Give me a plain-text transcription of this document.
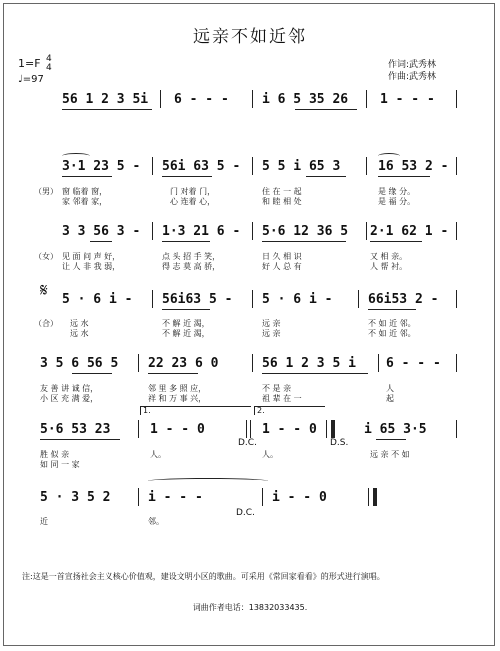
远亲不如近邻
1=F 4
4
♩=97
作词:武秀林
作曲:武秀林
56 1 2 3 5i 6 - - -	i 6 5 35 26 1 - - -
3·1 23 5 - 56i 63 5 - 5 5 i 65 3	16 53 2 -
（男） 窗 临着 窗，	门 对着 门，	住 在 一 起	是 缘 分。
家 邻着 家，	心 连着 心，	和 睦 相 处	是 福 分。
3 3 56 3 - 1·3 21 6 - 5·6 12 36 5 2·1 62 1 -
（女） 见 面 问 声 好，	点 头 招 手 笑，	日 久 相 识	又 相 亲。
让 人 非 我 弱，	得 志 莫 高 骄，	好 人 总 有	人 帮 衬。
𝄋 5 · 6 i - 56i63 5 - 5 · 6 i -	66i53 2 -
（合） 远 水	不 解 近 渴，	远 亲	不 如 近 邻。
远 水	不 解 近 渴，	远 亲	不 如 近 邻。
3 5 6 56 5 22 23 6 0	56 1 2 3 5 i 6 - - -
友 善 讲 诚 信，	邻 里 多 照 应，	不 是 亲	人
小 区 充 满 爱，	祥 和 万 事 兴，	祖 辈 在 一	起
1.	2.
5·6 53 23	1 - - 0	1 - - 0	i 65 3·5
D.C.	D.S.
胜 似 亲	人。	人。	远 亲 不 如
如 同 一 家
5 · 3 5 2	i - - -	i - - 0
D.C.
近	邻。
注:这是一首宣扬社会主义核心价值观，建设文明小区的歌曲。可采用《常回家看看》的形式进行演唱。
词曲作者电话：13832033435.
